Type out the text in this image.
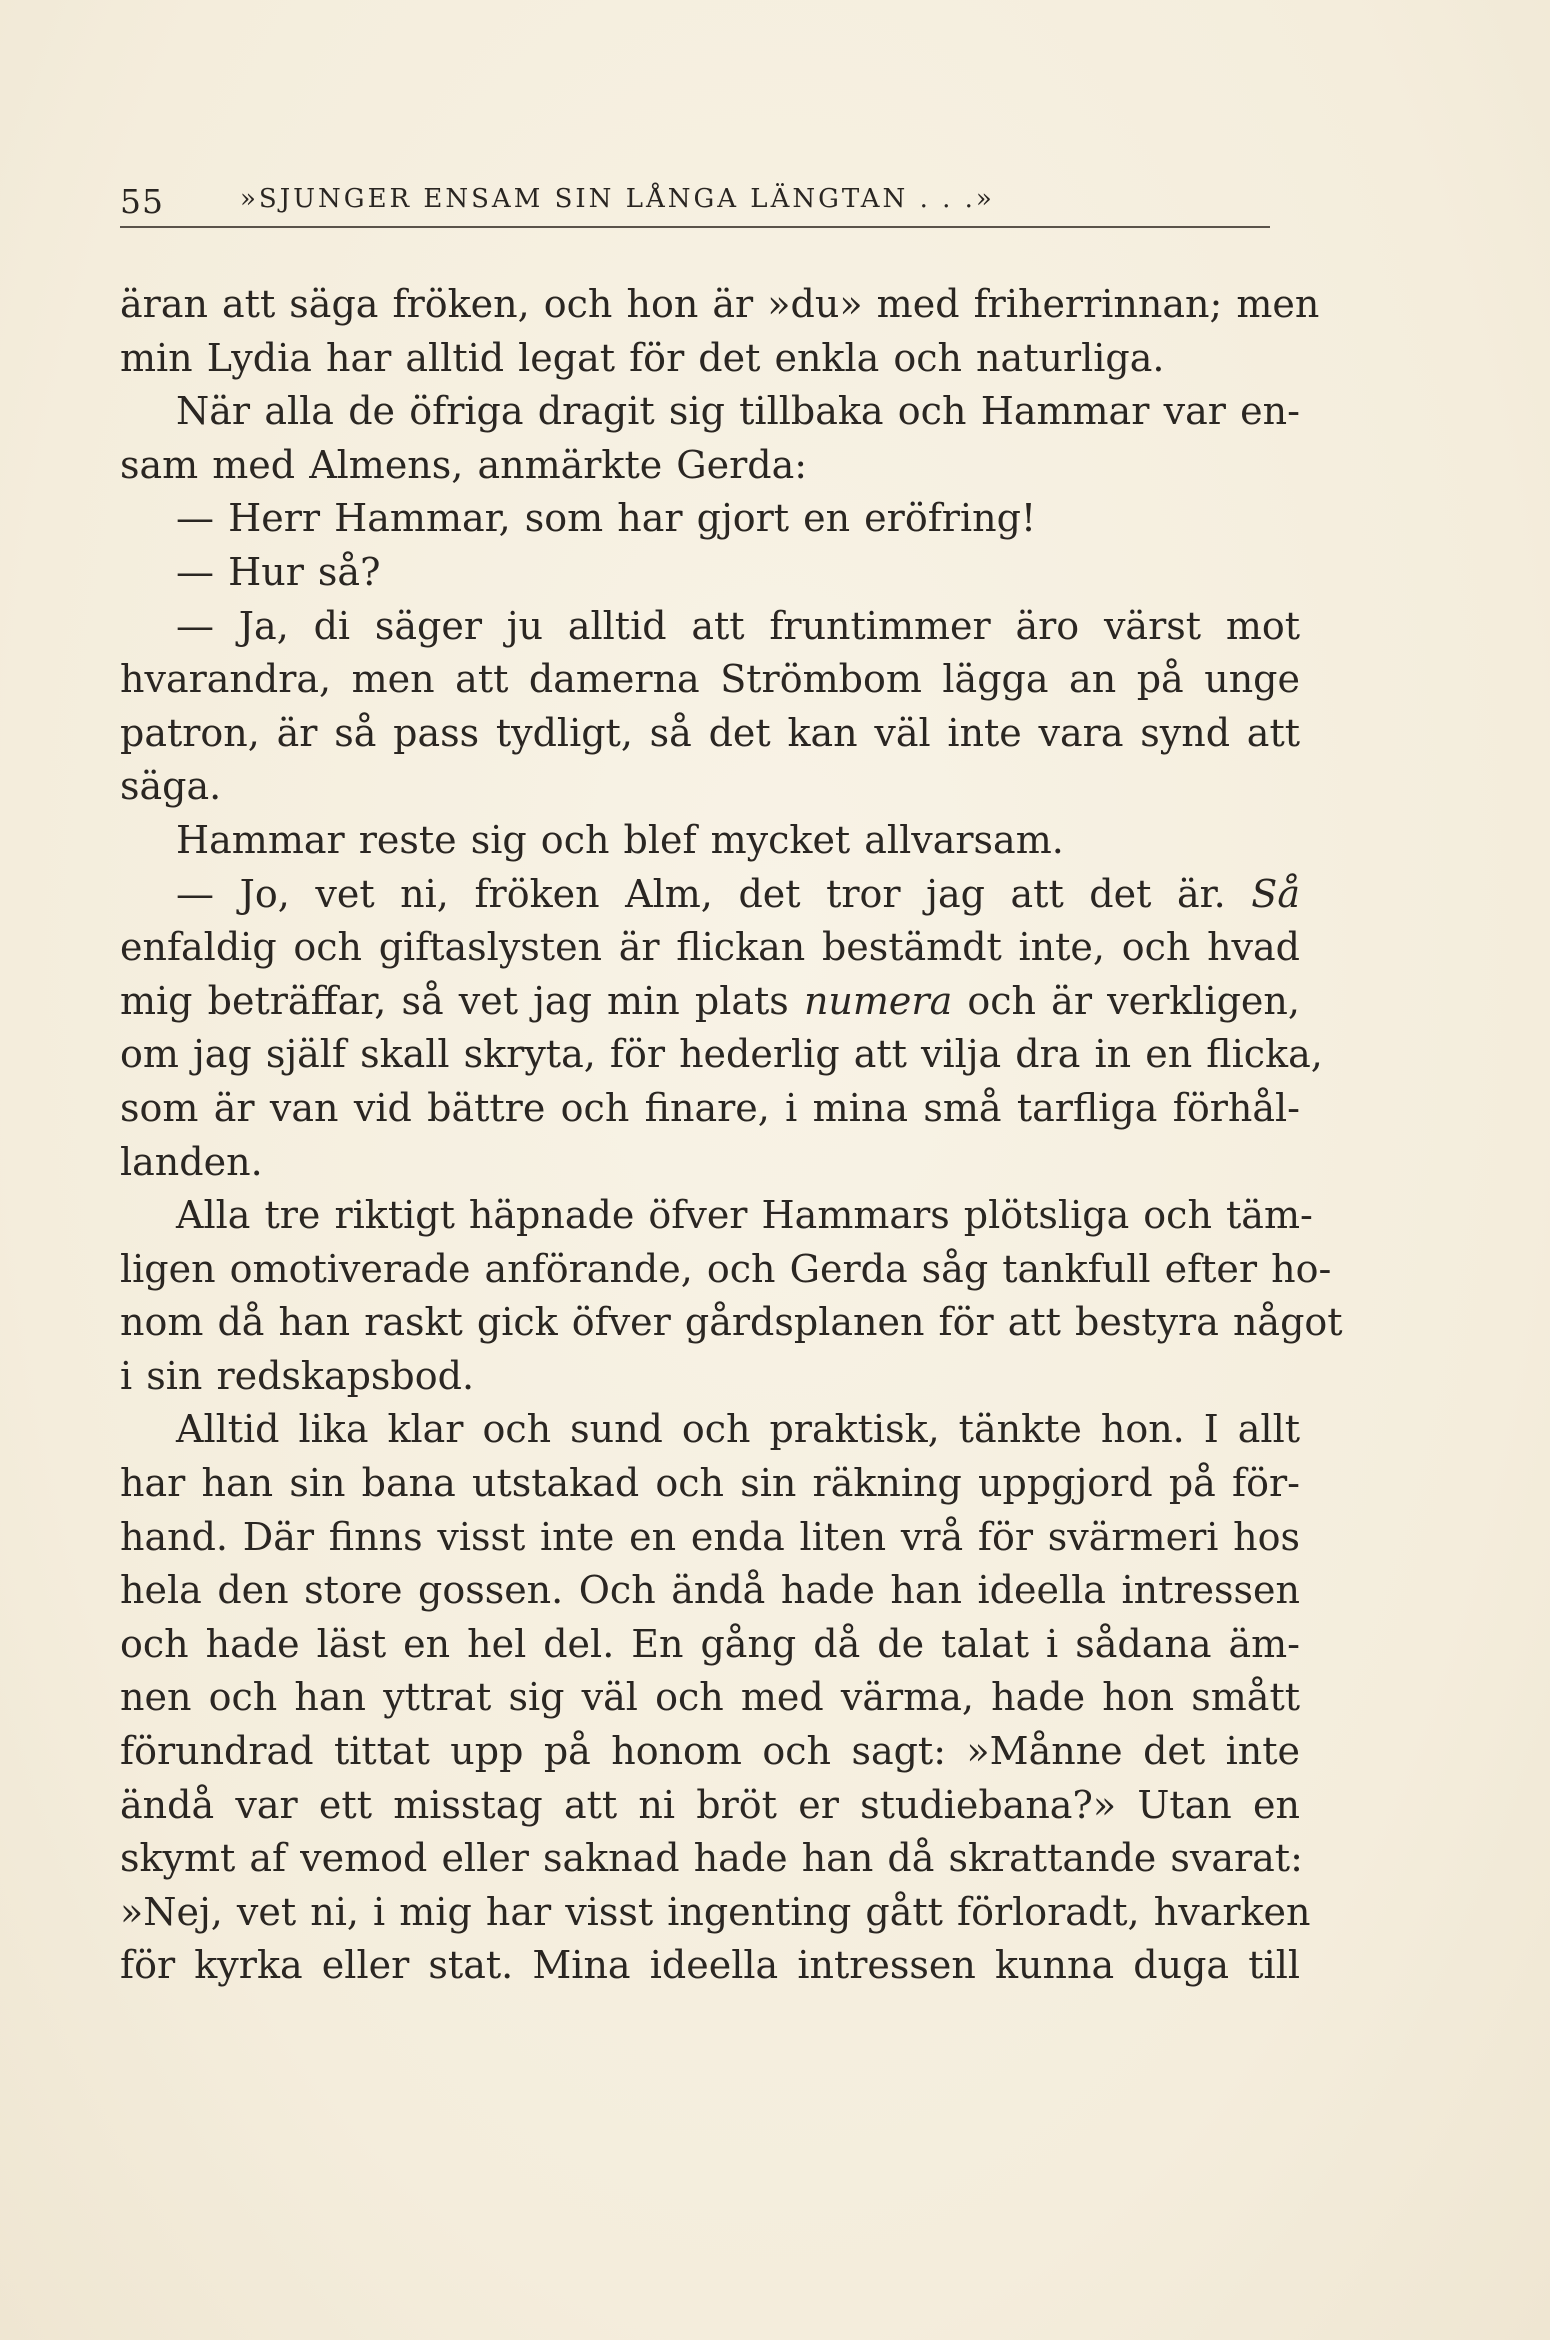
55	»SJUNGER ENSAM SIN LÅNGA LÄNGTAN . . .»
äran att säga fröken, och hon är »du» med friherrinnan; men
min Lydia har alltid legat för det enkla och naturliga.
När alla de öfriga dragit sig tillbaka och Hammar var en-
sam med Almens, anmärkte Gerda:
— Herr Hammar, som har gjort en eröfring!
— Hur så?
— Ja, di säger ju alltid att fruntimmer äro värst mot
hvarandra, men att damerna Strömbom lägga an på unge
patron, är så pass tydligt, så det kan väl inte vara synd att
säga.
Hammar reste sig och blef mycket allvarsam.
— Jo, vet ni, fröken Alm, det tror jag att det är. Så
enfaldig och giftaslysten är flickan bestämdt inte, och hvad
mig beträffar, så vet jag min plats numera och är verkligen,
om jag själf skall skryta, för hederlig att vilja dra in en flicka,
som är van vid bättre och finare, i mina små tarfliga förhål-
landen.
Alla tre riktigt häpnade öfver Hammars plötsliga och täm-
ligen omotiverade anförande, och Gerda såg tankfull efter ho-
nom då han raskt gick öfver gårdsplanen för att bestyra något
i sin redskapsbod.
Alltid lika klar och sund och praktisk, tänkte hon. I allt
har han sin bana utstakad och sin räkning uppgjord på för-
hand. Där finns visst inte en enda liten vrå för svärmeri hos
hela den store gossen. Och ändå hade han ideella intressen
och hade läst en hel del. En gång då de talat i sådana äm-
nen och han yttrat sig väl och med värma, hade hon smått
förundrad tittat upp på honom och sagt: »Månne det inte
ändå var ett misstag att ni bröt er studiebana?» Utan en
skymt af vemod eller saknad hade han då skrattande svarat:
»Nej, vet ni, i mig har visst ingenting gått förloradt, hvarken
för kyrka eller stat. Mina ideella intressen kunna duga till
